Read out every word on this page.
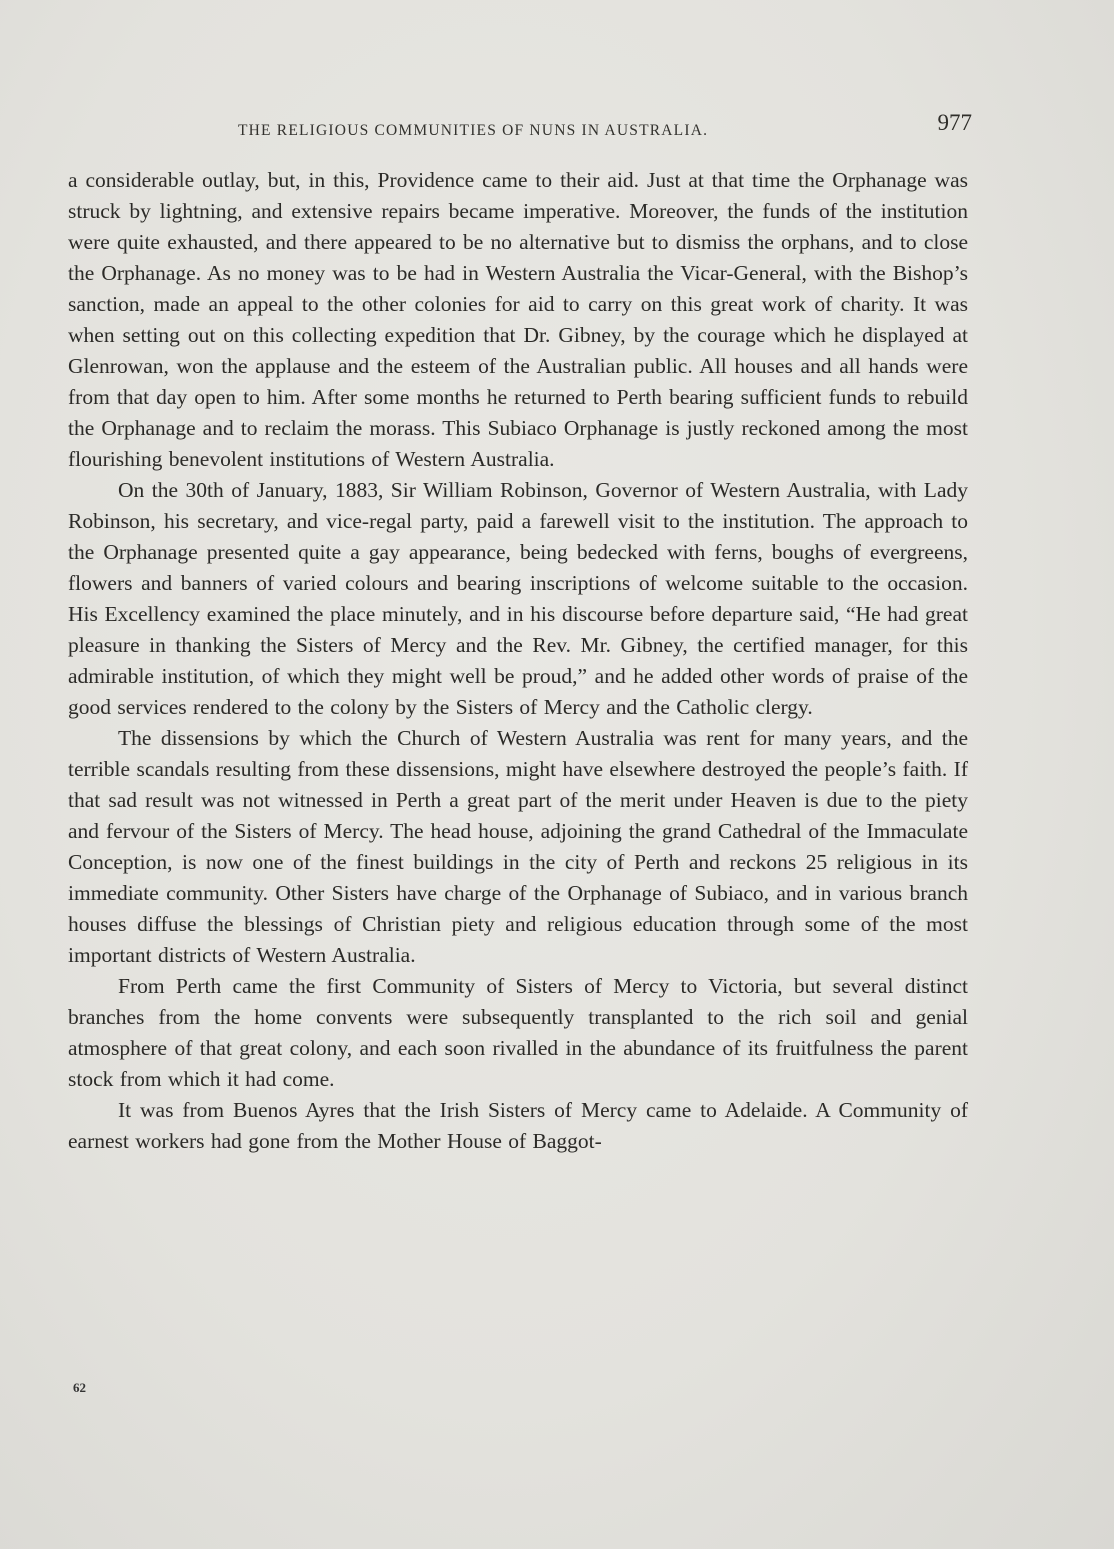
THE RELIGIOUS COMMUNITIES OF NUNS IN AUSTRALIA.	977

a considerable outlay, but, in this, Providence came to their aid. Just at that time the Orphanage was struck by lightning, and extensive repairs became imperative. Moreover, the funds of the institution were quite exhausted, and there appeared to be no alternative but to dismiss the orphans, and to close the Orphanage. As no money was to be had in Western Australia the Vicar-General, with the Bishop’s sanction, made an appeal to the other colonies for aid to carry on this great work of charity. It was when setting out on this collecting expedition that Dr. Gibney, by the courage which he displayed at Glenrowan, won the applause and the esteem of the Australian public. All houses and all hands were from that day open to him. After some months he returned to Perth bearing sufficient funds to rebuild the Orphanage and to reclaim the morass. This Subiaco Orphanage is justly reckoned among the most flourishing benevolent institutions of Western Australia.

On the 30th of January, 1883, Sir William Robinson, Governor of Western Australia, with Lady Robinson, his secretary, and vice-regal party, paid a farewell visit to the institution. The approach to the Orphanage presented quite a gay appearance, being bedecked with ferns, boughs of evergreens, flowers and banners of varied colours and bearing inscriptions of welcome suitable to the occasion. His Excellency examined the place minutely, and in his discourse before departure said, “He had great pleasure in thanking the Sisters of Mercy and the Rev. Mr. Gibney, the certified manager, for this admirable institution, of which they might well be proud,” and he added other words of praise of the good services rendered to the colony by the Sisters of Mercy and the Catholic clergy.

The dissensions by which the Church of Western Australia was rent for many years, and the terrible scandals resulting from these dissensions, might have elsewhere destroyed the people’s faith. If that sad result was not witnessed in Perth a great part of the merit under Heaven is due to the piety and fervour of the Sisters of Mercy. The head house, adjoining the grand Cathedral of the Immaculate Conception, is now one of the finest buildings in the city of Perth and reckons 25 religious in its immediate community. Other Sisters have charge of the Orphanage of Subiaco, and in various branch houses diffuse the blessings of Christian piety and religious education through some of the most important districts of Western Australia.

From Perth came the first Community of Sisters of Mercy to Victoria, but several distinct branches from the home convents were subsequently transplanted to the rich soil and genial atmosphere of that great colony, and each soon rivalled in the abundance of its fruitfulness the parent stock from which it had come.

It was from Buenos Ayres that the Irish Sisters of Mercy came to Adelaide. A Community of earnest workers had gone from the Mother House of Baggot-

62
